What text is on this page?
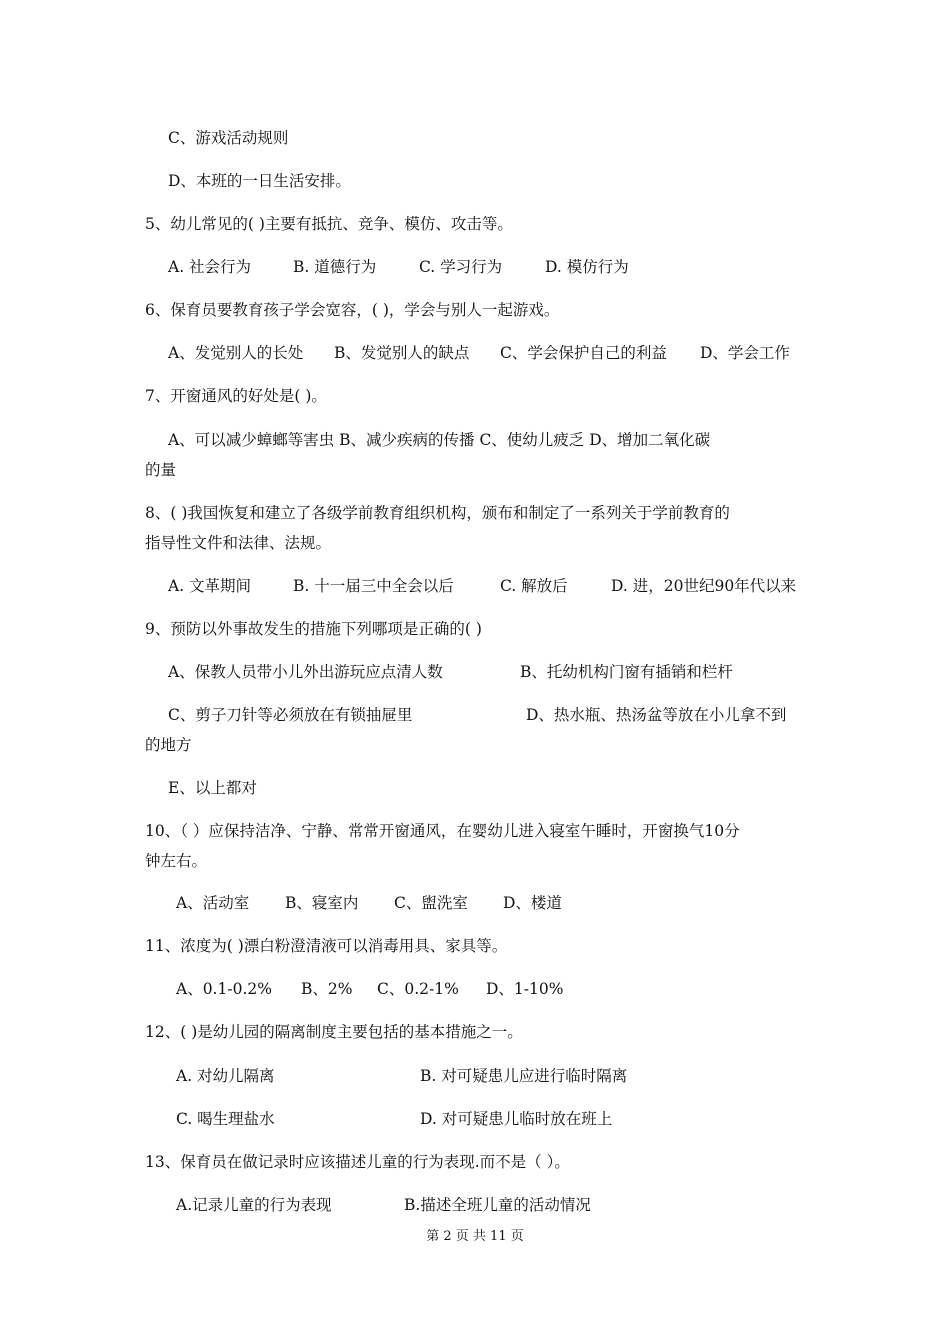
C、游戏活动规则
D、本班的一日生活安排。
5、幼儿常见的( )主要有抵抗、竞争、模仿、攻击等。
A. 社会行为	B. 道德行为	C. 学习行为	D. 模仿行为
6、保育员要教育孩子学会宽容，( )，学会与别人一起游戏。
A、发觉别人的长处 B、发觉别人的缺点 C、学会保护自己的利益 D、学会工作
7、开窗通风的好处是( )。
A、可以减少蟑螂等害虫 B、减少疾病的传播 C、使幼儿疲乏 D、增加二氧化碳
的量
8、( )我国恢复和建立了各级学前教育组织机构，颁布和制定了一系列关于学前教育的
指导性文件和法律、法规。
A. 文革期间	B. 十一届三中全会以后	C. 解放后	D. 进，20世纪90年代以来
9、预防以外事故发生的措施下列哪项是正确的( )
A、保教人员带小儿外出游玩应点清人数	B、托幼机构门窗有插销和栏杆
C、剪子刀针等必须放在有锁抽屉里	D、热水瓶、热汤盆等放在小儿拿不到
的地方
E、以上都对
10、（ ）应保持洁净、宁静、常常开窗通风，在婴幼儿进入寝室午睡时，开窗换气10分
钟左右。
A、活动室 B、寝室内 C、盥洗室 D、楼道
11、浓度为( )漂白粉澄清液可以消毒用具、家具等。
A、0.1-0.2% B、2% C、0.2-1% D、1-10%
12、( )是幼儿园的隔离制度主要包括的基本措施之一。
A. 对幼儿隔离	B. 对可疑患儿应进行临时隔离
C. 喝生理盐水	D. 对可疑患儿临时放在班上
13、保育员在做记录时应该描述儿童的行为表现.而不是（ ）。
A.记录儿童的行为表现	B.描述全班儿童的活动情况
第 2 页 共 11 页
